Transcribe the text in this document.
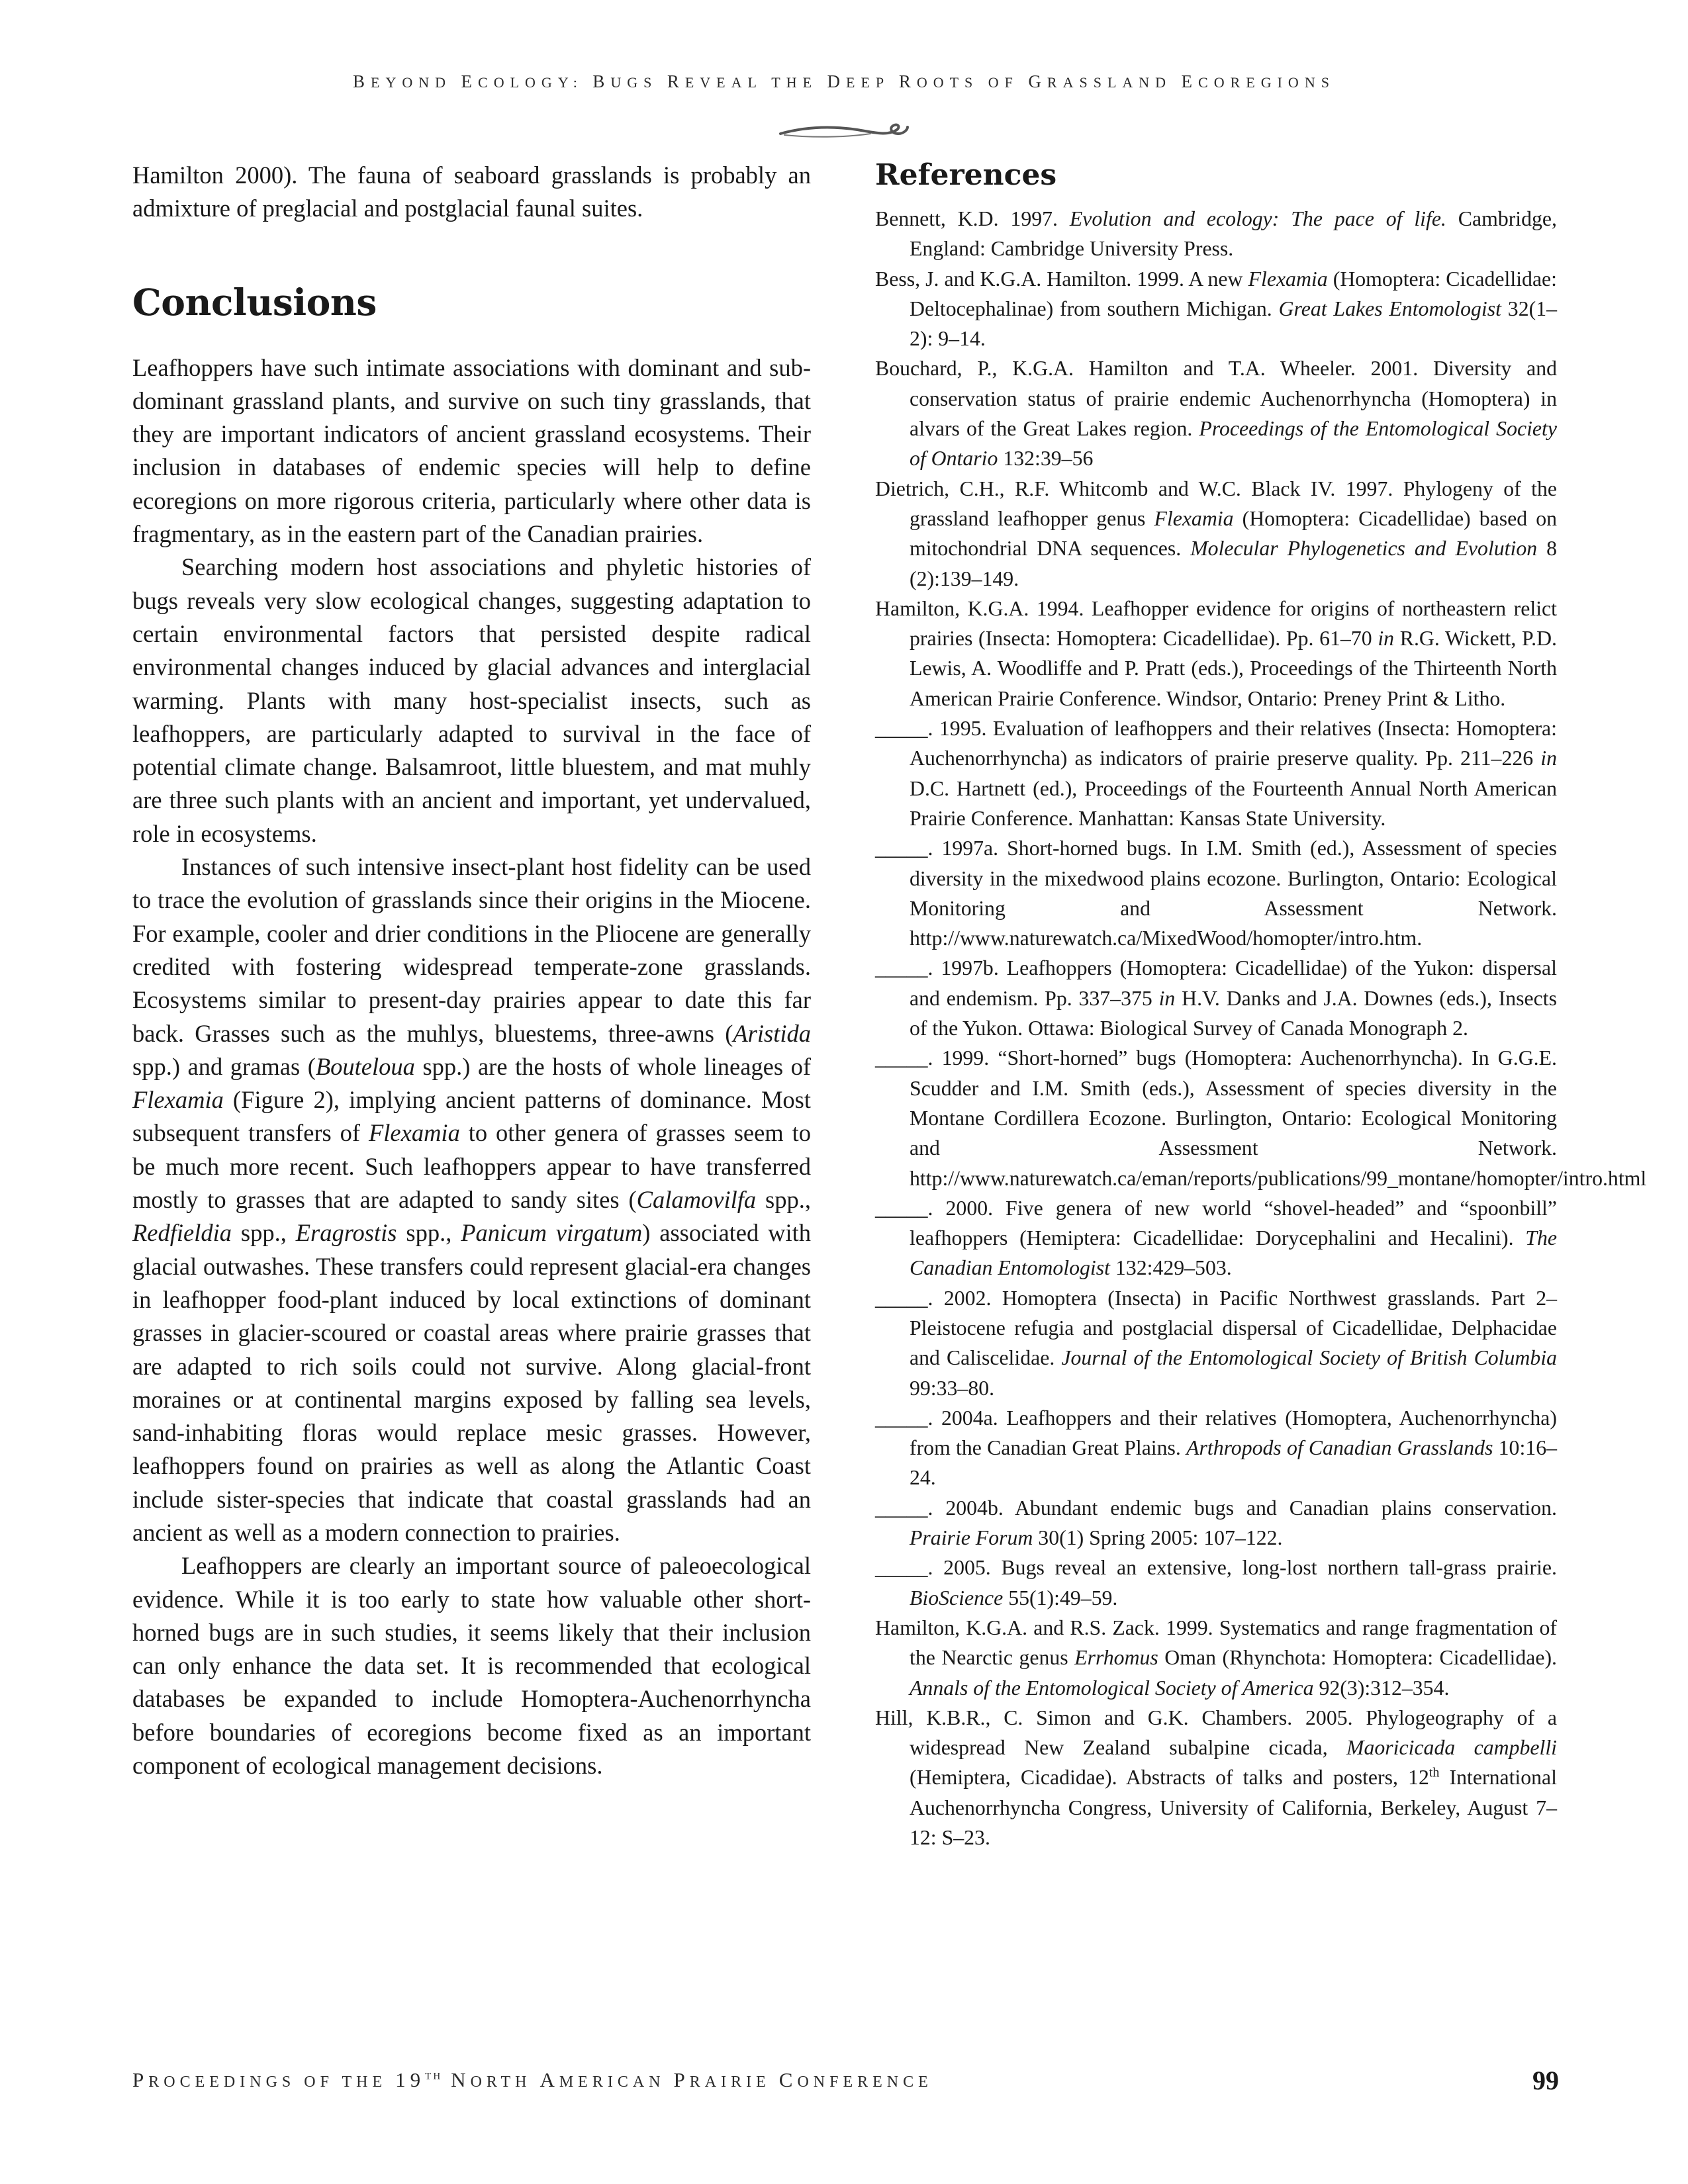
BEYOND ECOLOGY: BUGS REVEAL THE DEEP ROOTS OF GRASSLAND ECOREGIONS

Hamilton 2000). The fauna of seaboard grasslands is probably an admixture of preglacial and postglacial faunal suites.

Conclusions

Leafhoppers have such intimate associations with dominant and sub-dominant grassland plants, and survive on such tiny grasslands, that they are important indicators of ancient grassland ecosystems. Their inclusion in databases of endemic species will help to define ecoregions on more rigorous criteria, particularly where other data is fragmentary, as in the eastern part of the Canadian prairies.

Searching modern host associations and phyletic histories of bugs reveals very slow ecological changes, suggesting adaptation to certain environmental factors that persisted despite radical environmental changes induced by glacial advances and interglacial warming. Plants with many host-specialist insects, such as leafhoppers, are particularly adapted to survival in the face of potential climate change. Balsamroot, little bluestem, and mat muhly are three such plants with an ancient and important, yet undervalued, role in ecosystems.

Instances of such intensive insect-plant host fidelity can be used to trace the evolution of grasslands since their origins in the Miocene. For example, cooler and drier conditions in the Pliocene are generally credited with fostering widespread temperate-zone grasslands. Ecosystems similar to present-day prairies appear to date this far back. Grasses such as the muhlys, bluestems, three-awns (Aristida spp.) and gramas (Bouteloua spp.) are the hosts of whole lineages of Flexamia (Figure 2), implying ancient patterns of dominance. Most subsequent transfers of Flexamia to other genera of grasses seem to be much more recent. Such leafhoppers appear to have transferred mostly to grasses that are adapted to sandy sites (Calamovilfa spp., Redfieldia spp., Eragrostis spp., Panicum virgatum) associated with glacial outwashes. These transfers could represent glacial-era changes in leafhopper food-plant induced by local extinctions of dominant grasses in glacier-scoured or coastal areas where prairie grasses that are adapted to rich soils could not survive. Along glacial-front moraines or at continental margins exposed by falling sea levels, sand-inhabiting floras would replace mesic grasses. However, leafhoppers found on prairies as well as along the Atlantic Coast include sister-species that indicate that coastal grasslands had an ancient as well as a modern connection to prairies.

Leafhoppers are clearly an important source of paleoecological evidence. While it is too early to state how valuable other short-horned bugs are in such studies, it seems likely that their inclusion can only enhance the data set. It is recommended that ecological databases be expanded to include Homoptera-Auchenorrhyncha before boundaries of ecoregions become fixed as an important component of ecological management decisions.

References

Bennett, K.D. 1997. Evolution and ecology: The pace of life. Cambridge, England: Cambridge University Press.

Bess, J. and K.G.A. Hamilton. 1999. A new Flexamia (Homoptera: Cicadellidae: Deltocephalinae) from southern Michigan. Great Lakes Entomologist 32(1–2): 9–14.

Bouchard, P., K.G.A. Hamilton and T.A. Wheeler. 2001. Diversity and conservation status of prairie endemic Auchenorrhyncha (Homoptera) in alvars of the Great Lakes region. Proceedings of the Entomological Society of Ontario 132:39–56

Dietrich, C.H., R.F. Whitcomb and W.C. Black IV. 1997. Phylogeny of the grassland leafhopper genus Flexamia (Homoptera: Cicadellidae) based on mitochondrial DNA sequences. Molecular Phylogenetics and Evolution 8 (2):139–149.

Hamilton, K.G.A. 1994. Leafhopper evidence for origins of northeastern relict prairies (Insecta: Homoptera: Cicadellidae). Pp. 61–70 in R.G. Wickett, P.D. Lewis, A. Woodliffe and P. Pratt (eds.), Proceedings of the Thirteenth North American Prairie Conference. Windsor, Ontario: Preney Print & Litho.

_____. 1995. Evaluation of leafhoppers and their relatives (Insecta: Homoptera: Auchenorrhyncha) as indicators of prairie preserve quality. Pp. 211–226 in D.C. Hartnett (ed.), Proceedings of the Fourteenth Annual North American Prairie Conference. Manhattan: Kansas State University.

_____. 1997a. Short-horned bugs. In I.M. Smith (ed.), Assessment of species diversity in the mixedwood plains ecozone. Burlington, Ontario: Ecological Monitoring and Assessment Network. http://www.naturewatch.ca/MixedWood/homopter/intro.htm.

_____. 1997b. Leafhoppers (Homoptera: Cicadellidae) of the Yukon: dispersal and endemism. Pp. 337–375 in H.V. Danks and J.A. Downes (eds.), Insects of the Yukon. Ottawa: Biological Survey of Canada Monograph 2.

_____. 1999. “Short-horned” bugs (Homoptera: Auchenorrhyncha). In G.G.E. Scudder and I.M. Smith (eds.), Assessment of species diversity in the Montane Cordillera Ecozone. Burlington, Ontario: Ecological Monitoring and Assessment Network. http://www.naturewatch.ca/eman/reports/publications/99_montane/homopter/intro.html

_____. 2000. Five genera of new world “shovel-headed” and “spoonbill” leafhoppers (Hemiptera: Cicadellidae: Dorycephalini and Hecalini). The Canadian Entomologist 132:429–503.

_____. 2002. Homoptera (Insecta) in Pacific Northwest grasslands. Part 2–Pleistocene refugia and postglacial dispersal of Cicadellidae, Delphacidae and Caliscelidae. Journal of the Entomological Society of British Columbia 99:33–80.

_____. 2004a. Leafhoppers and their relatives (Homoptera, Auchenorrhyncha) from the Canadian Great Plains. Arthropods of Canadian Grasslands 10:16–24.

_____. 2004b. Abundant endemic bugs and Canadian plains conservation. Prairie Forum 30(1) Spring 2005: 107–122.

_____. 2005. Bugs reveal an extensive, long-lost northern tall-grass prairie. BioScience 55(1):49–59.

Hamilton, K.G.A. and R.S. Zack. 1999. Systematics and range fragmentation of the Nearctic genus Errhomus Oman (Rhynchota: Homoptera: Cicadellidae). Annals of the Entomological Society of America 92(3):312–354.

Hill, K.B.R., C. Simon and G.K. Chambers. 2005. Phylogeography of a widespread New Zealand subalpine cicada, Maoricicada campbelli (Hemiptera, Cicadidae). Abstracts of talks and posters, 12th International Auchenorrhyncha Congress, University of California, Berkeley, August 7–12: S–23.

PROCEEDINGS OF THE 19TH NORTH AMERICAN PRAIRIE CONFERENCE	99
